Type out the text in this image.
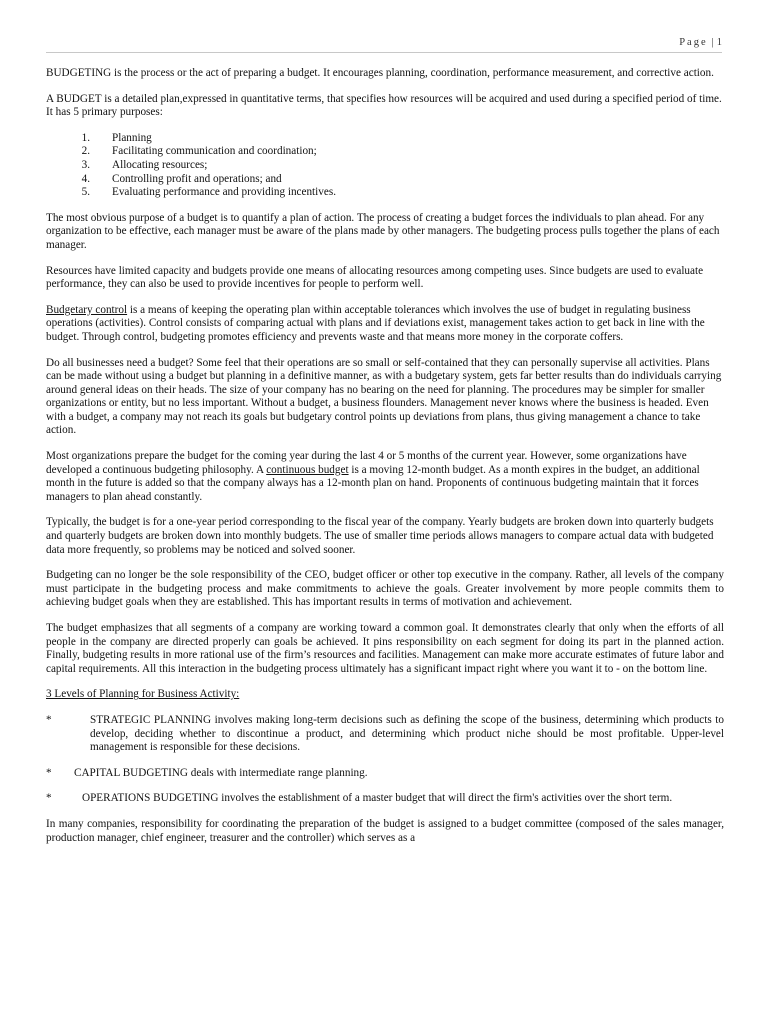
Page | 1

BUDGETING is the process or the act of preparing a budget. It encourages planning, coordination, performance measurement, and corrective action.

A BUDGET is a detailed plan,expressed in quantitative terms, that specifies how resources will be acquired and used during a specified period of time. It has 5 primary purposes:

1. Planning
2. Facilitating communication and coordination;
3. Allocating resources;
4. Controlling profit and operations; and
5. Evaluating performance and providing incentives.

The most obvious purpose of a budget is to quantify a plan of action. The process of creating a budget forces the individuals to plan ahead. For any organization to be effective, each manager must be aware of the plans made by other managers. The budgeting process pulls together the plans of each manager.

Resources have limited capacity and budgets provide one means of allocating resources among competing uses. Since budgets are used to evaluate performance, they can also be used to provide incentives for people to perform well.

Budgetary control is a means of keeping the operating plan within acceptable tolerances which involves the use of budget in regulating business operations (activities). Control consists of comparing actual with plans and if deviations exist, management takes action to get back in line with the budget. Through control, budgeting promotes efficiency and prevents waste and that means more money in the corporate coffers.

Do all businesses need a budget? Some feel that their operations are so small or self-contained that they can personally supervise all activities. Plans can be made without using a budget but planning in a definitive manner, as with a budgetary system, gets far better results than do individuals carrying around general ideas on their heads. The size of your company has no bearing on the need for planning. The procedures may be simpler for smaller organizations or entity, but no less important. Without a budget, a business flounders. Management never knows where the business is headed. Even with a budget, a company may not reach its goals but budgetary control points up deviations from plans, thus giving management a chance to take action.

Most organizations prepare the budget for the coming year during the last 4 or 5 months of the current year. However, some organizations have developed a continuous budgeting philosophy. A continuous budget is a moving 12-month budget. As a month expires in the budget, an additional month in the future is added so that the company always has a 12-month plan on hand. Proponents of continuous budgeting maintain that it forces managers to plan ahead constantly.

Typically, the budget is for a one-year period corresponding to the fiscal year of the company. Yearly budgets are broken down into quarterly budgets and quarterly budgets are broken down into monthly budgets. The use of smaller time periods allows managers to compare actual data with budgeted data more frequently, so problems may be noticed and solved sooner.

Budgeting can no longer be the sole responsibility of the CEO, budget officer or other top executive in the company. Rather, all levels of the company must participate in the budgeting process and make commitments to achieve the goals. Greater involvement by more people commits them to achieving budget goals when they are established. This has important results in terms of motivation and achievement.

The budget emphasizes that all segments of a company are working toward a common goal. It demonstrates clearly that only when the efforts of all people in the company are directed properly can goals be achieved. It pins responsibility on each segment for doing its part in the planned action. Finally, budgeting results in more rational use of the firm’s resources and facilities. Management can make more accurate estimates of future labor and capital requirements. All this interaction in the budgeting process ultimately has a significant impact right where you want it to - on the bottom line.

3 Levels of Planning for Business Activity:

*	STRATEGIC PLANNING involves making long-term decisions such as defining the scope of the business, determining which products to develop, deciding whether to discontinue a product, and determining which product niche should be most profitable. Upper-level management is responsible for these decisions.
*	CAPITAL BUDGETING deals with intermediate range planning.
*	OPERATIONS BUDGETING involves the establishment of a master budget that will direct the firm's activities over the short term.

In many companies, responsibility for coordinating the preparation of the budget is assigned to a budget committee (composed of the sales manager, production manager, chief engineer, treasurer and the controller) which serves as a
